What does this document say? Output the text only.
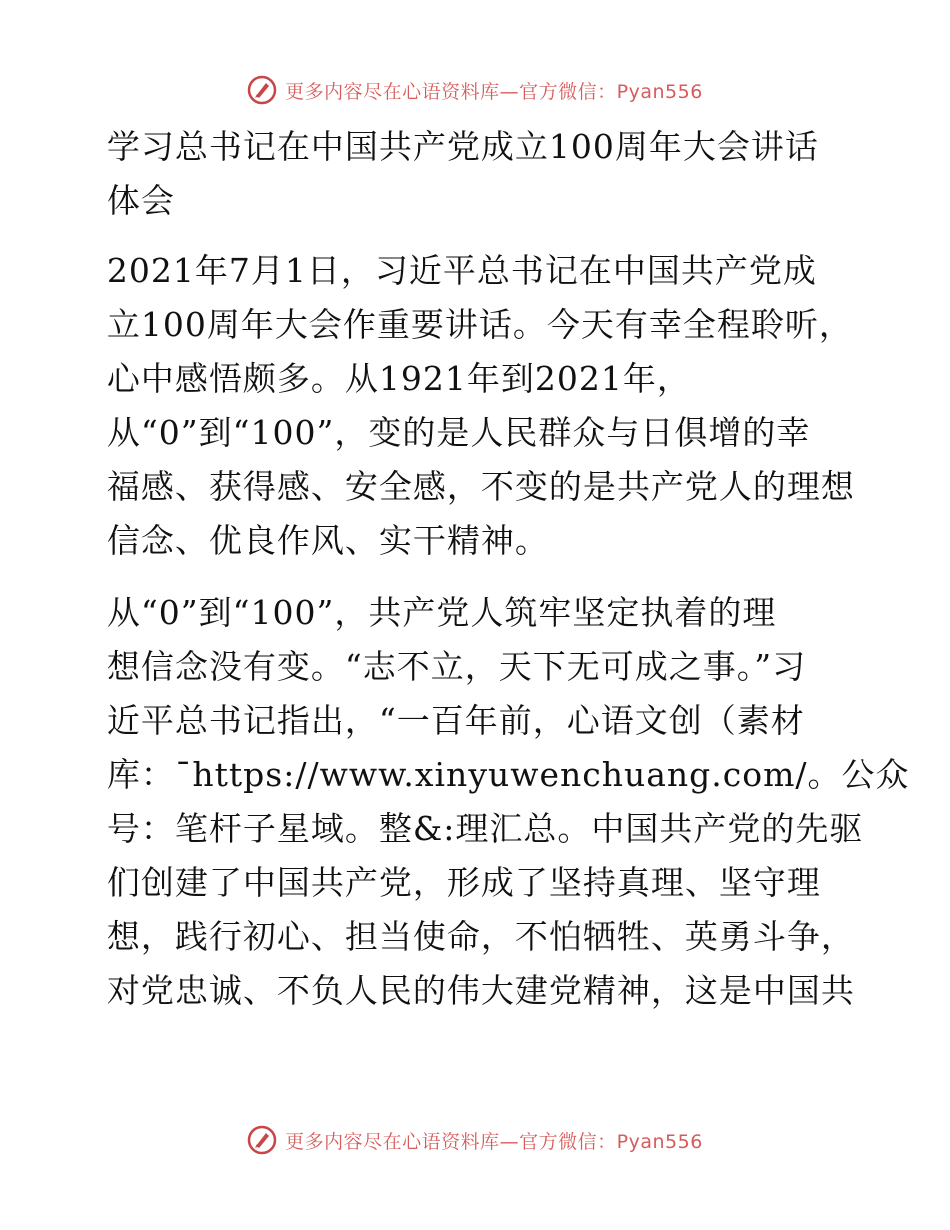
更多内容尽在心语资料库—官方微信：Pyan556

学习总书记在中国共产党成立100周年大会讲话
体会

2021年7月1日，习近平总书记在中国共产党成
立100周年大会作重要讲话。今天有幸全程聆听，
心中感悟颇多。从1921年到2021年，
从“0”到“100”，变的是人民群众与日俱增的幸
福感、获得感、安全感，不变的是共产党人的理想
信念、优良作风、实干精神。

从“0”到“100”，共产党人筑牢坚定执着的理
想信念没有变。“志不立，天下无可成之事。”习
近平总书记指出，“一百年前，心语文创（素材
库：¯https://www.xinyuwenchuang.com/。公众
号：笔杆子星域。整&:理汇总。中国共产党的先驱
们创建了中国共产党，形成了坚持真理、坚守理
想，践行初心、担当使命，不怕牺牲、英勇斗争，
对党忠诚、不负人民的伟大建党精神，这是中国共

更多内容尽在心语资料库—官方微信：Pyan556
